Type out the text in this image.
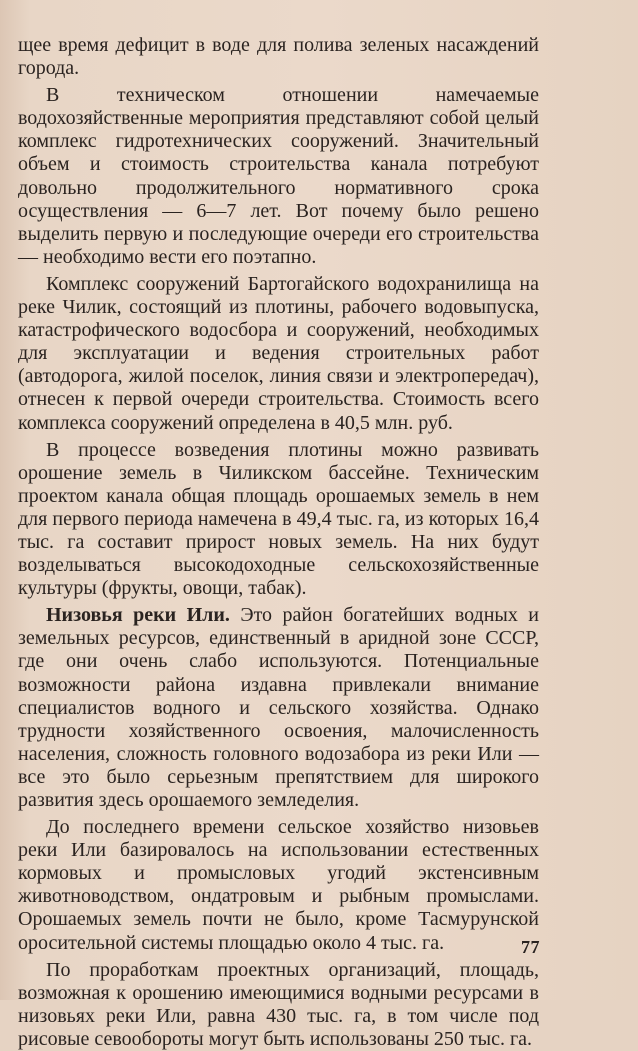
щее время дефицит в воде для полива зеленых насаждений города.

В техническом отношении намечаемые водохозяйственные мероприятия представляют собой целый комплекс гидротехнических сооружений. Значительный объем и стоимость строительства канала потребуют довольно продолжительного нормативного срока осуществления — 6—7 лет. Вот почему было решено выделить первую и последующие очереди его строительства — необходимо вести его поэтапно.

Комплекс сооружений Бартогайского водохранилища на реке Чилик, состоящий из плотины, рабочего водовыпуска, катастрофического водосбора и сооружений, необходимых для эксплуатации и ведения строительных работ (автодорога, жилой поселок, линия связи и электропередач), отнесен к первой очереди строительства. Стоимость всего комплекса сооружений определена в 40,5 млн. руб.

В процессе возведения плотины можно развивать орошение земель в Чиликском бассейне. Техническим проектом канала общая площадь орошаемых земель в нем для первого периода намечена в 49,4 тыс. га, из которых 16,4 тыс. га составит прирост новых земель. На них будут возделываться высокодоходные сельскохозяйственные культуры (фрукты, овощи, табак).

Низовья реки Или. Это район богатейших водных и земельных ресурсов, единственный в аридной зоне СССР, где они очень слабо используются. Потенциальные возможности района издавна привлекали внимание специалистов водного и сельского хозяйства. Однако трудности хозяйственного освоения, малочисленность населения, сложность головного водозабора из реки Или — все это было серьезным препятствием для широкого развития здесь орошаемого земледелия.

До последнего времени сельское хозяйство низовьев реки Или базировалось на использовании естественных кормовых и промысловых угодий экстенсивным животноводством, ондатровым и рыбным промыслами. Орошаемых земель почти не было, кроме Тасмурунской оросительной системы площадью около 4 тыс. га.

По проработкам проектных организаций, площадь, возможная к орошению имеющимися водными ресурсами в низовьях реки Или, равна 430 тыс. га, в том числе под рисовые севообороты могут быть использованы 250 тыс. га.

77
